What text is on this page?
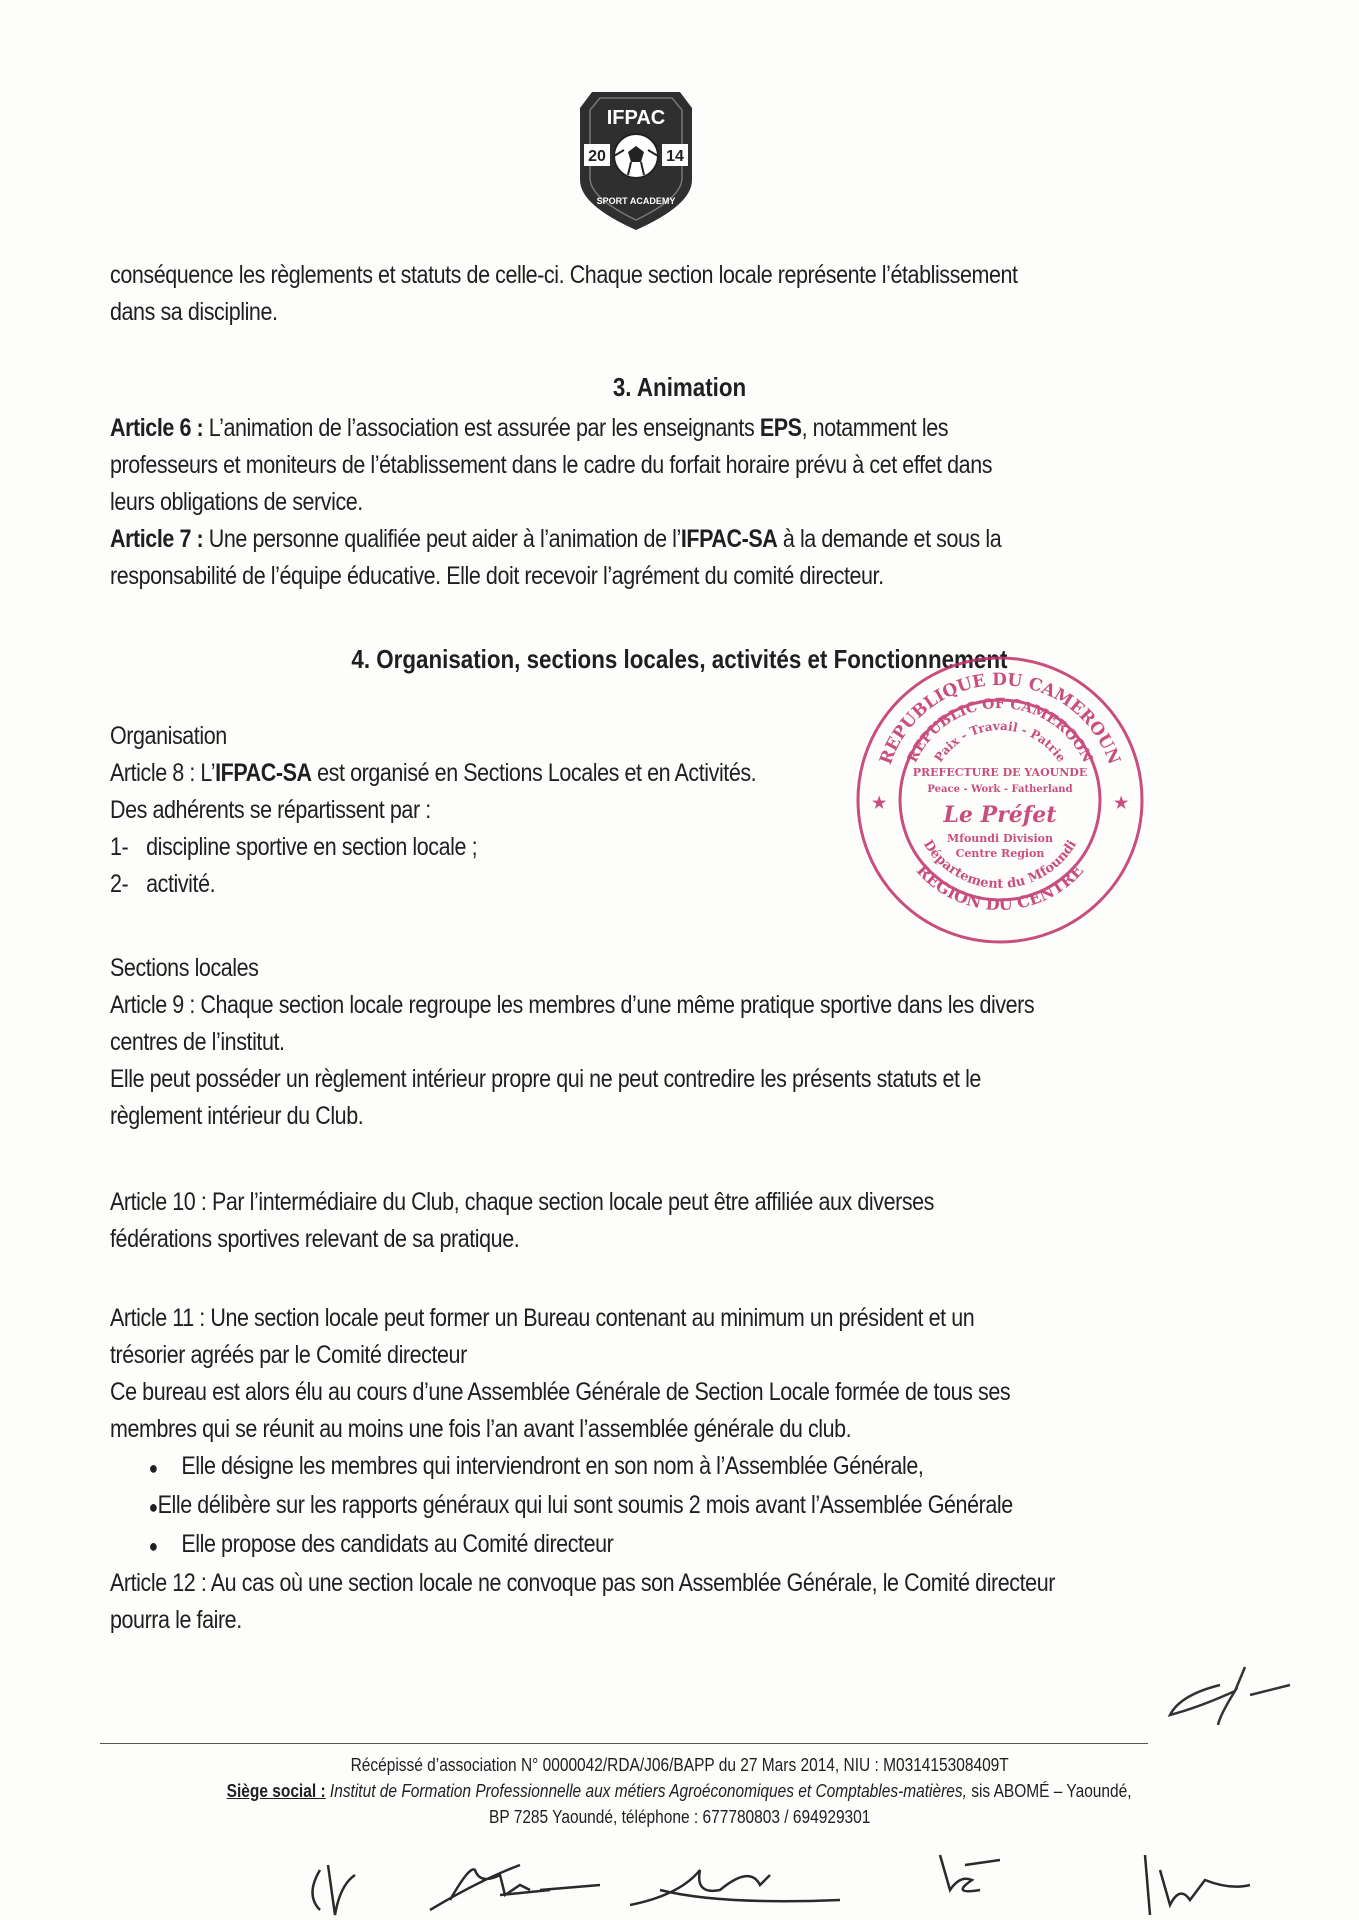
IFPAC
20	14
SPORT ACADEMY
conséquence les règlements et statuts de celle-ci. Chaque section locale représente l’établissement
dans sa discipline.
3. Animation
Article 6 : L’animation de l’association est assurée par les enseignants EPS, notamment les
professeurs et moniteurs de l’établissement dans le cadre du forfait horaire prévu à cet effet dans
leurs obligations de service.
Article 7 : Une personne qualifiée peut aider à l’animation de l’IFPAC-SA à la demande et sous la
responsabilité de l’équipe éducative. Elle doit recevoir l’agrément du comité directeur.
4. Organisation, sections locales, activités et Fonctionnement
Organisation
Article 8 : L’IFPAC-SA est organisé en Sections Locales et en Activités.
Des adhérents se répartissent par :
1- discipline sportive en section locale ;
2- activité.
Sections locales
Article 9 : Chaque section locale regroupe les membres d’une même pratique sportive dans les divers
centres de l’institut.
Elle peut posséder un règlement intérieur propre qui ne peut contredire les présents statuts et le
règlement intérieur du Club.
Article 10 : Par l’intermédiaire du Club, chaque section locale peut être affiliée aux diverses
fédérations sportives relevant de sa pratique.
Article 11 : Une section locale peut former un Bureau contenant au minimum un président et un
trésorier agréés par le Comité directeur
Ce bureau est alors élu au cours d’une Assemblée Générale de Section Locale formée de tous ses
membres qui se réunit au moins une fois l’an avant l’assemblée générale du club.
● Elle désigne les membres qui interviendront en son nom à l’Assemblée Générale,
● Elle délibère sur les rapports généraux qui lui sont soumis 2 mois avant l’Assemblée Générale
● Elle propose des candidats au Comité directeur
Article 12 : Au cas où une section locale ne convoque pas son Assemblée Générale, le Comité directeur
pourra le faire.
REPUBLIQUE DU CAMEROUN
REPUBLIC OF CAMEROON
Paix - Travail - Patrie
REGION DU CENTRE
Département du Mfoundi
PREFECTURE DE YAOUNDE
Peace - Work - Fatherland
Le Préfet
Mfoundi Division
Centre Region
★	★
Récépissé d’association N° 0000042/RDA/J06/BAPP du 27 Mars 2014, NIU : M031415308409T
Siège social : Institut de Formation Professionnelle aux métiers Agroéconomiques et Comptables-matières, sis ABOMÉ – Yaoundé,
BP 7285 Yaoundé, téléphone : 677780803 / 694929301
